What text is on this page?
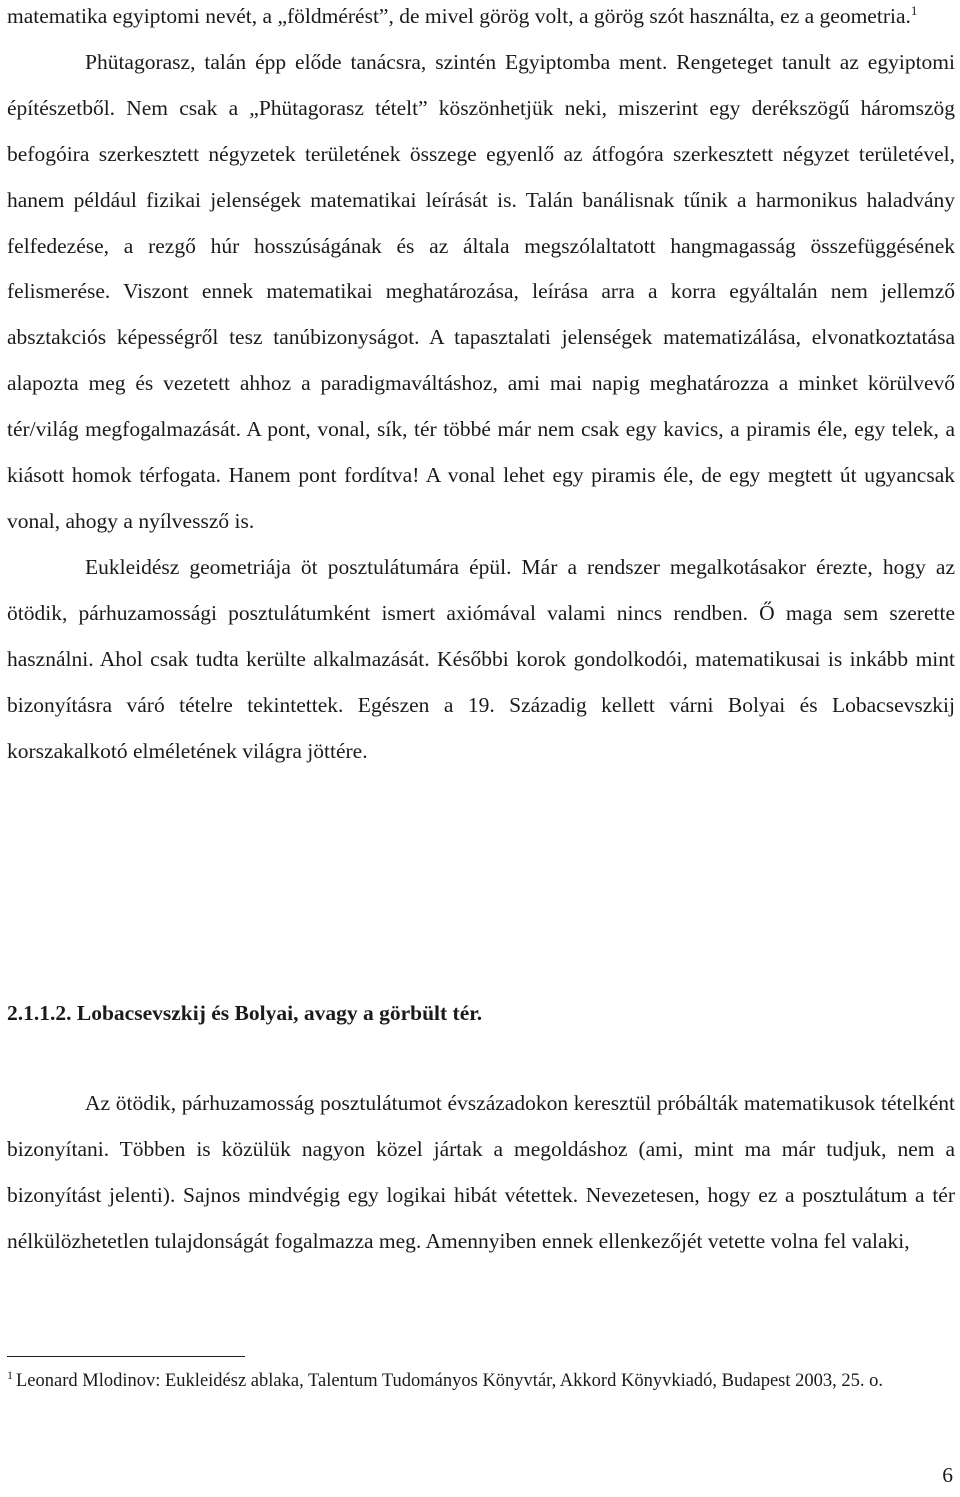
matematika egyiptomi nevét, a „földmérést”, de mivel görög volt, a görög szót használta, ez a geometria.$^1$

Phütagorasz, talán épp elődе tanácsra, szintén Egyiptomba ment. Rengeteget tanult az egyiptomi építészetből. Nem csak a „Phütagorasz tételt” köszönhetjük neki, miszerint egy derékszögű háromszög befogóira szerkesztett négyzetek területének összege egyenlő az átfogóra szerkesztett négyzet területével, hanem például fizikai jelenségek matematikai leírását is. Talán banálisnak tűnik a harmonikus haladvány felfedezése, a rezgő húr hosszúságának és az általa megszólaltatott hangmagasság összefüggésének felismerése. Viszont ennek matematikai meghatározása, leírása arra a korra egyáltalán nem jellemző absztakciós képességről tesz tanúbizonyságot. A tapasztalati jelenségek matematizálása, elvonatkoztatása alapozta meg és vezetett ahhoz a paradigmaváltáshoz, ami mai napig meghatározza a minket körülvevő tér/világ megfogalmazását. A pont, vonal, sík, tér többé már nem csak egy kavics, a piramis éle, egy telek, a kiásott homok térfogata. Hanem pont fordítva! A vonal lehet egy piramis éle, de egy megtett út ugyancsak vonal, ahogy a nyílvessző is.

Eukleidész geometriája öt posztulátumára épül. Már a rendszer megalkotásakor érezte, hogy az ötödik, párhuzamossági posztulátumként ismert axiómával valami nincs rendben. Ő maga sem szerette használni. Ahol csak tudta kerülte alkalmazását. Későbbi korok gondolkodói, matematikusai is inkább mint bizonyításra váró tételre tekintettek. Egészen a 19. Századig kellett várni Bolyai és Lobacsevszkij korszakalkotó elméletének világra jöttére.

2.1.1.2. Lobacsevszkij és Bolyai, avagy a görbült tér.

Az ötödik, párhuzamosság posztulátumot évszázadokon keresztül próbálták matematikusok tételként bizonyítani. Többen is közülük nagyon közel jártak a megoldáshoz (ami, mint ma már tudjuk, nem a bizonyítást jelenti). Sajnos mindvégig egy logikai hibát vétettek. Nevezetesen, hogy ez a posztulátum a tér nélkülözhetetlen tulajdonságát fogalmazza meg. Amennyiben ennek ellenkezőjét vetette volna fel valaki,

$^1$ Leonard Mlodinov: Eukleidész ablaka, Talentum Tudományos Könyvtár, Akkord Könyvkiadó, Budapest 2003, 25. o.

6
